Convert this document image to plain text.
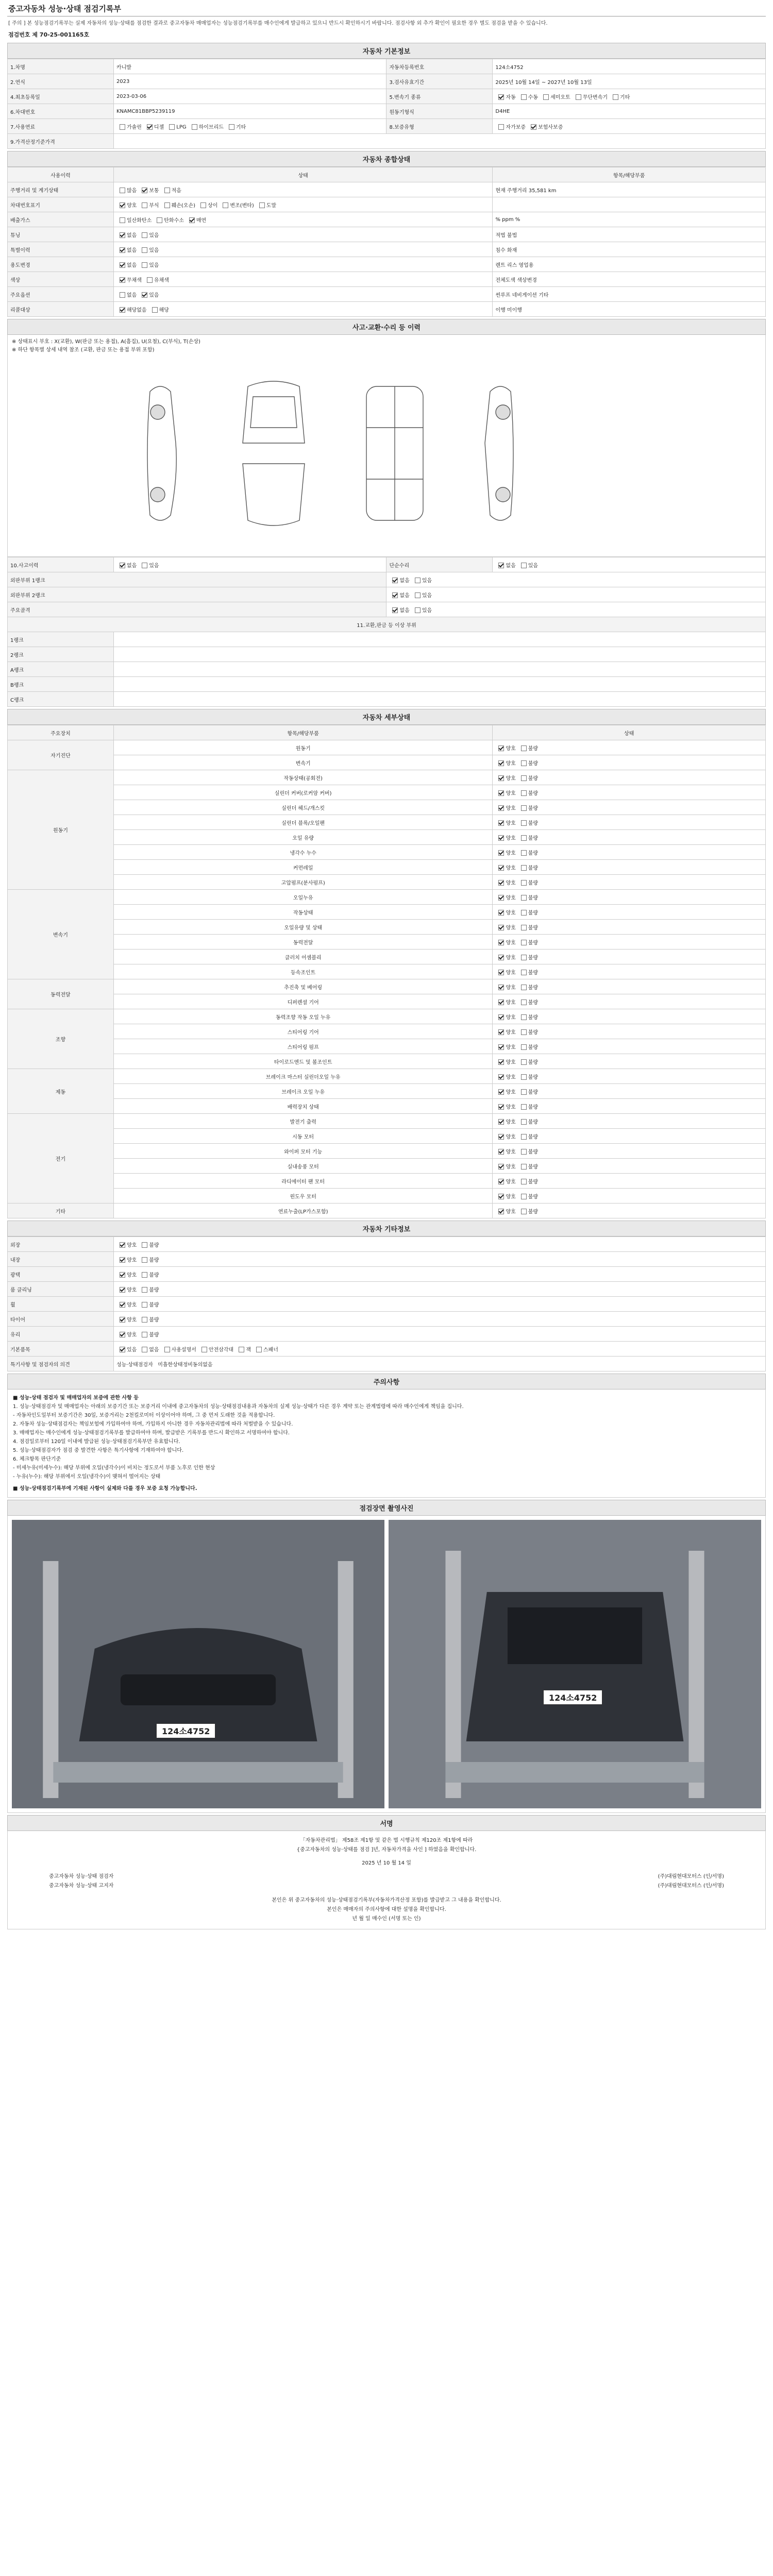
중고자동차 성능·상태 점검기록부
[ 주의 ] 본 성능점검기록부는 실제 자동차의 성능·상태를 점검한 결과로 중고자동차 매매업자는 성능점검기록부를 매수인에게 발급하고 있으니 반드시 확인하시기 바랍니다. 점검사항 외 추가 확인이 필요한 경우 별도 점검을 받을 수 있습니다.
점검번호 제 70-25-001165호
자동차 기본정보
1.차명	카니발	자동차등록번호	124소4752
2.연식	2023	3.검사유효기간	2025년 10월 14일 ~ 2027년 10월 13일
4.최초등록일	2023-03-06	5.변속기 종류	자동 수동 세미오토 무단변속기 기타
6.차대번호	KNAMC81BBP5239119	원동기형식	D4HE
7.사용연료	가솔린 디젤 LPG 하이브리드 기타	8.보증유형	자가보증 보험사보증
9.가격산정기준가격			
자동차 종합상태
사용이력	상태	항목/해당부품
주행거리 및 계기상태	많음 보통 적음	현재 주행거리 35,581 km
차대번호표기	양호 부식 훼손(오손) 상이 변조(변타) 도말	
배출가스	일산화탄소 탄화수소 매연	% ppm %
튜닝	없음 있음	적법 불법
특별이력	없음 있음	침수 화재
용도변경	없음 있음	렌트 리스 영업용
색상	무채색 유채색	전체도색 색상변경
주요옵션	없음 있음	썬루프 네비게이션 기타
리콜대상	해당없음 해당	이행 미이행
사고·교환·수리 등 이력
※ 상태표시 부호 : X(교환), W(판금 또는 용접), A(흠집), U(요철), C(부식), T(손상)
※ 하단 항목별 상세 내역 참조 (교환, 판금 또는 용접 부위 포함)
10.사고이력	없음 있음	단순수리	없음 있음
외판부위 1랭크		없음 있음	
외판부위 2랭크		없음 있음	
주요골격		없음 있음	
11.교환,판금 등 이상 부위			
1랭크			
2랭크			
A랭크			
B랭크			
C랭크			
자동차 세부상태
주요장치	항목/해당부품	상태
자기진단	원동기	양호 불량
	변속기	양호 불량
원동기	작동상태(공회전)	양호 불량
	실린더 커버(로커암 커버)	양호 불량
	실린더 헤드/개스킷	양호 불량
	실린더 블록/오일팬	양호 불량
	오일 유량	양호 불량
	냉각수 누수	양호 불량
	커먼레일	양호 불량
	고압펌프(분사펌프)	양호 불량
변속기	오일누유	양호 불량
	작동상태	양호 불량
	오일유량 및 상태	양호 불량
	동력전달	양호 불량
	클러치 어셈블리	양호 불량
	등속조인트	양호 불량
동력전달	추진축 및 베어링	양호 불량
	디퍼렌셜 기어	양호 불량
조향	동력조향 작동 오일 누유	양호 불량
	스티어링 기어	양호 불량
	스티어링 펌프	양호 불량
	타이로드엔드 및 볼조인트	양호 불량
제동	브레이크 마스터 실린더오일 누유	양호 불량
	브레이크 오일 누유	양호 불량
	배력장치 상태	양호 불량
전기	발전기 출력	양호 불량
	시동 모터	양호 불량
	와이퍼 모터 기능	양호 불량
	실내송풍 모터	양호 불량
	라디에이터 팬 모터	양호 불량
	윈도우 모터	양호 불량
기타	연료누출(LP가스포함)	양호 불량
자동차 기타정보
외장	양호 불량
내장	양호 불량
광택	양호 불량
룸 클리닝	양호 불량
휠	양호 불량
타이어	양호 불량
유리	양호 불량
기본품목	있음 없음 사용설명서 안전삼각대 잭 스패너
특기사항 및 점검자의 의견	성능·상태점검자 미흡한상태정비동의없음
주의사항
■ 성능·상태 점검자 및 매매업자의 보증에 관한 사항 등
1. 성능·상태점검자 및 매매업자는 아래의 보증기간 또는 보증거리 이내에 중고자동차의 성능·상태점검내용과 자동차의 실제 성능·상태가 다른 경우 계약 또는 관계법령에 따라 매수인에게 책임을 집니다.
- 자동차인도일부터 보증기간은 30일, 보증거리는 2천킬로미터 이상이어야 하며, 그 중 먼저 도래한 것을 적용합니다.
2. 자동차 성능·상태점검자는 책임보험에 가입하여야 하며, 가입하지 아니한 경우 자동차관리법에 따라 처벌받을 수 있습니다.
3. 매매업자는 매수인에게 성능·상태점검기록부를 발급하여야 하며, 발급받은 기록부를 반드시 확인하고 서명하여야 합니다.
4. 점검일로부터 120일 이내에 발급된 성능·상태점검기록부만 유효합니다.
5. 성능·상태점검자가 점검 중 발견한 사항은 특기사항에 기재하여야 합니다.
6. 체크항목 판단기준
- 미세누유(미세누수): 해당 부위에 오일(냉각수)이 비치는 정도로서 부품 노후로 인한 현상
- 누유(누수): 해당 부위에서 오일(냉각수)이 맺혀서 떨어지는 상태
■ 성능·상태점검기록부에 기재된 사항이 실제와 다를 경우 보증 요청 가능합니다.
점검장면 촬영사진
124소4752
124소4752
서명
「자동차관리법」 제58조 제1항 및 같은 법 시행규칙 제120조 제1항에 따라
{중고자동차의 성능·상태를 점검 ]년, 자동차가격을 사인 ] 하였음을 확인합니다.
2025 년 10 월 14 일
중고자동차 성능·상태 점검자	(주)대림현대모터스 (인/서명)
중고자동차 성능·상태 고지자	(주)대림현대모터스 (인/서명)
본인은 위 중고자동차의 성능·상태점검기록부(자동차가격산정 포함)를 발급받고 그 내용을 확인합니다.
본인은 매매자의 주의사항에 대한 설명을 확인합니다.
년 월 일 매수인 (서명 또는 인)
